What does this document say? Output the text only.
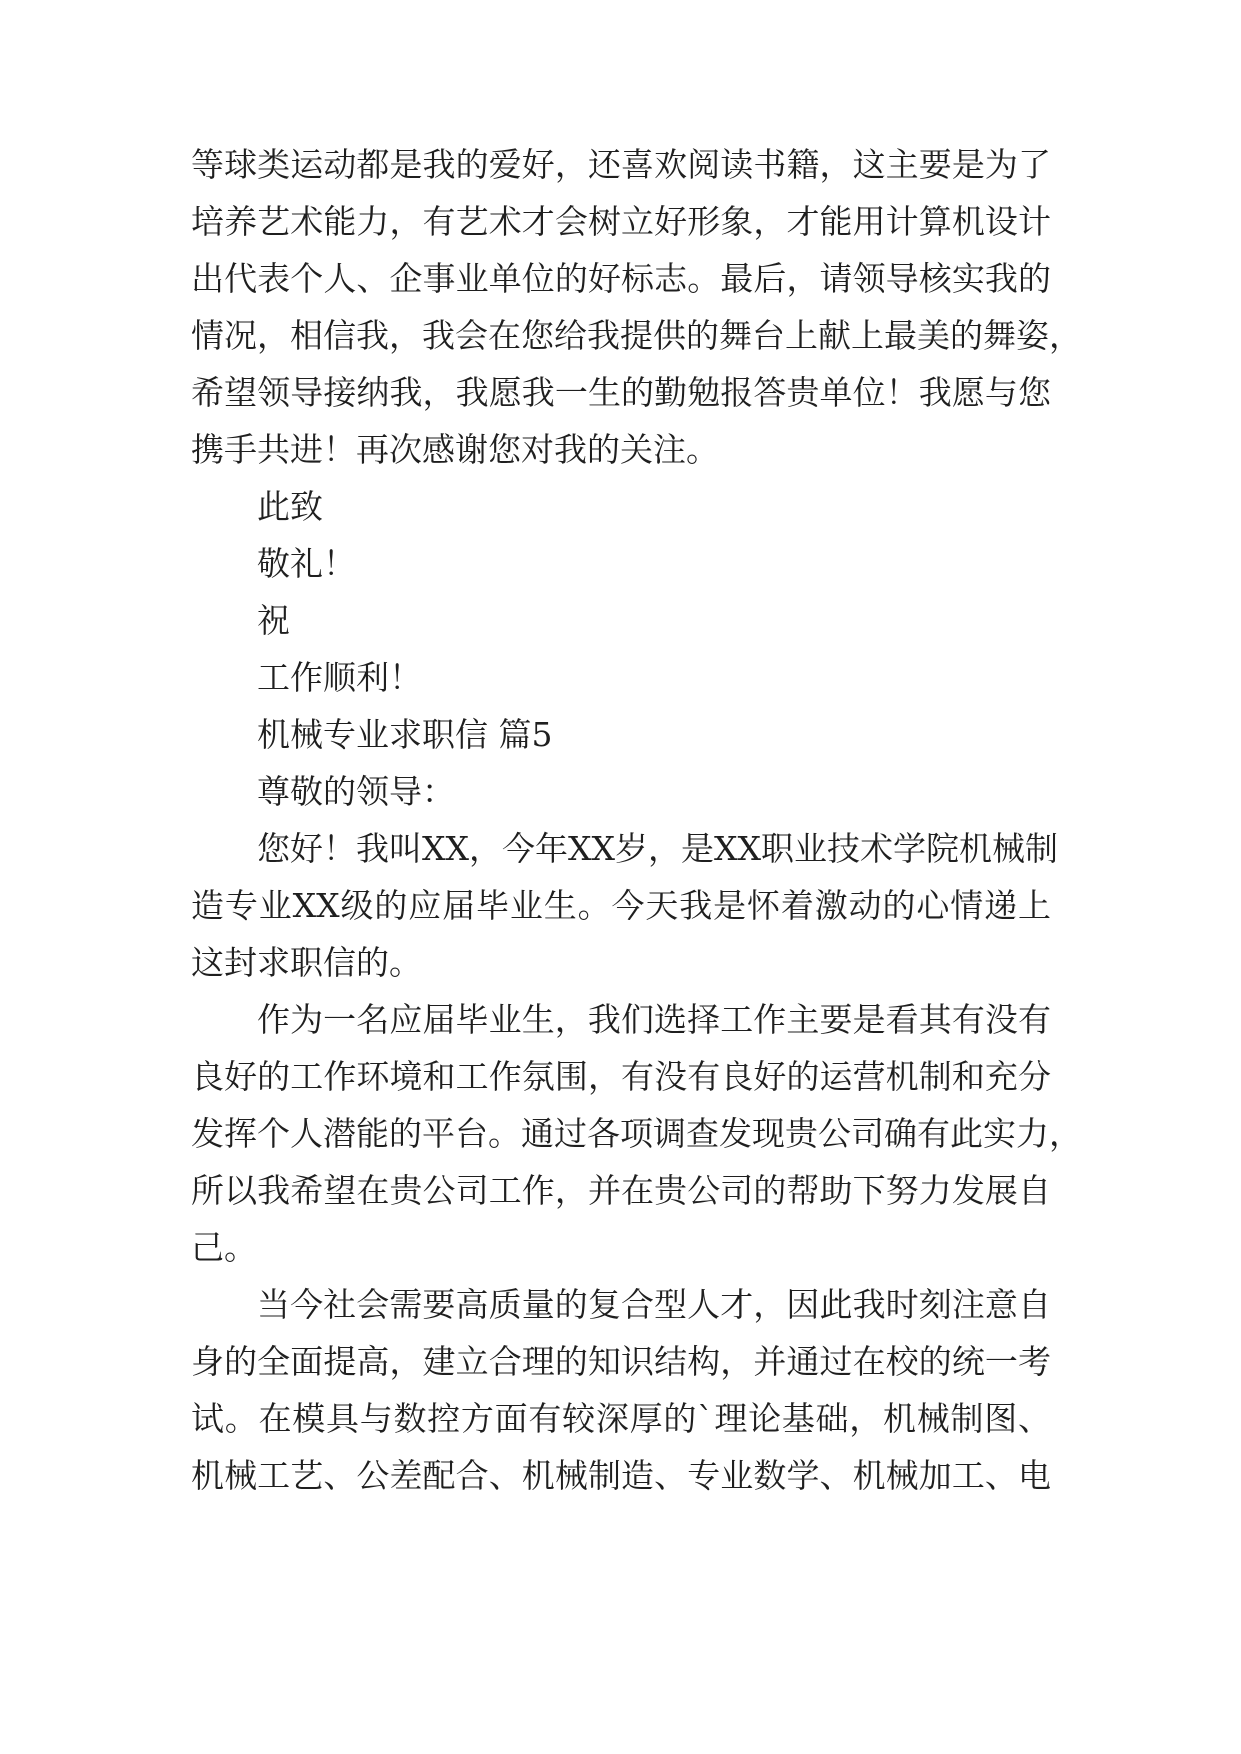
等球类运动都是我的爱好，还喜欢阅读书籍，这主要是为了
培养艺术能力，有艺术才会树立好形象，才能用计算机设计
出代表个人、企事业单位的好标志。最后，请领导核实我的
情况，相信我，我会在您给我提供的舞台上献上最美的舞姿，
希望领导接纳我，我愿我一生的勤勉报答贵单位！我愿与您
携手共进！再次感谢您对我的关注。
此致
敬礼！
祝
工作顺利！
机械专业求职信 篇5
尊敬的领导：
您好！我叫XX，今年XX岁，是XX职业技术学院机械制
造专业XX级的应届毕业生。今天我是怀着激动的心情递上
这封求职信的。
作为一名应届毕业生，我们选择工作主要是看其有没有
良好的工作环境和工作氛围，有没有良好的运营机制和充分
发挥个人潜能的平台。通过各项调查发现贵公司确有此实力，
所以我希望在贵公司工作，并在贵公司的帮助下努力发展自
己。
当今社会需要高质量的复合型人才，因此我时刻注意自
身的全面提高，建立合理的知识结构，并通过在校的统一考
试。在模具与数控方面有较深厚的`理论基础，机械制图、
机械工艺、公差配合、机械制造、专业数学、机械加工、电
